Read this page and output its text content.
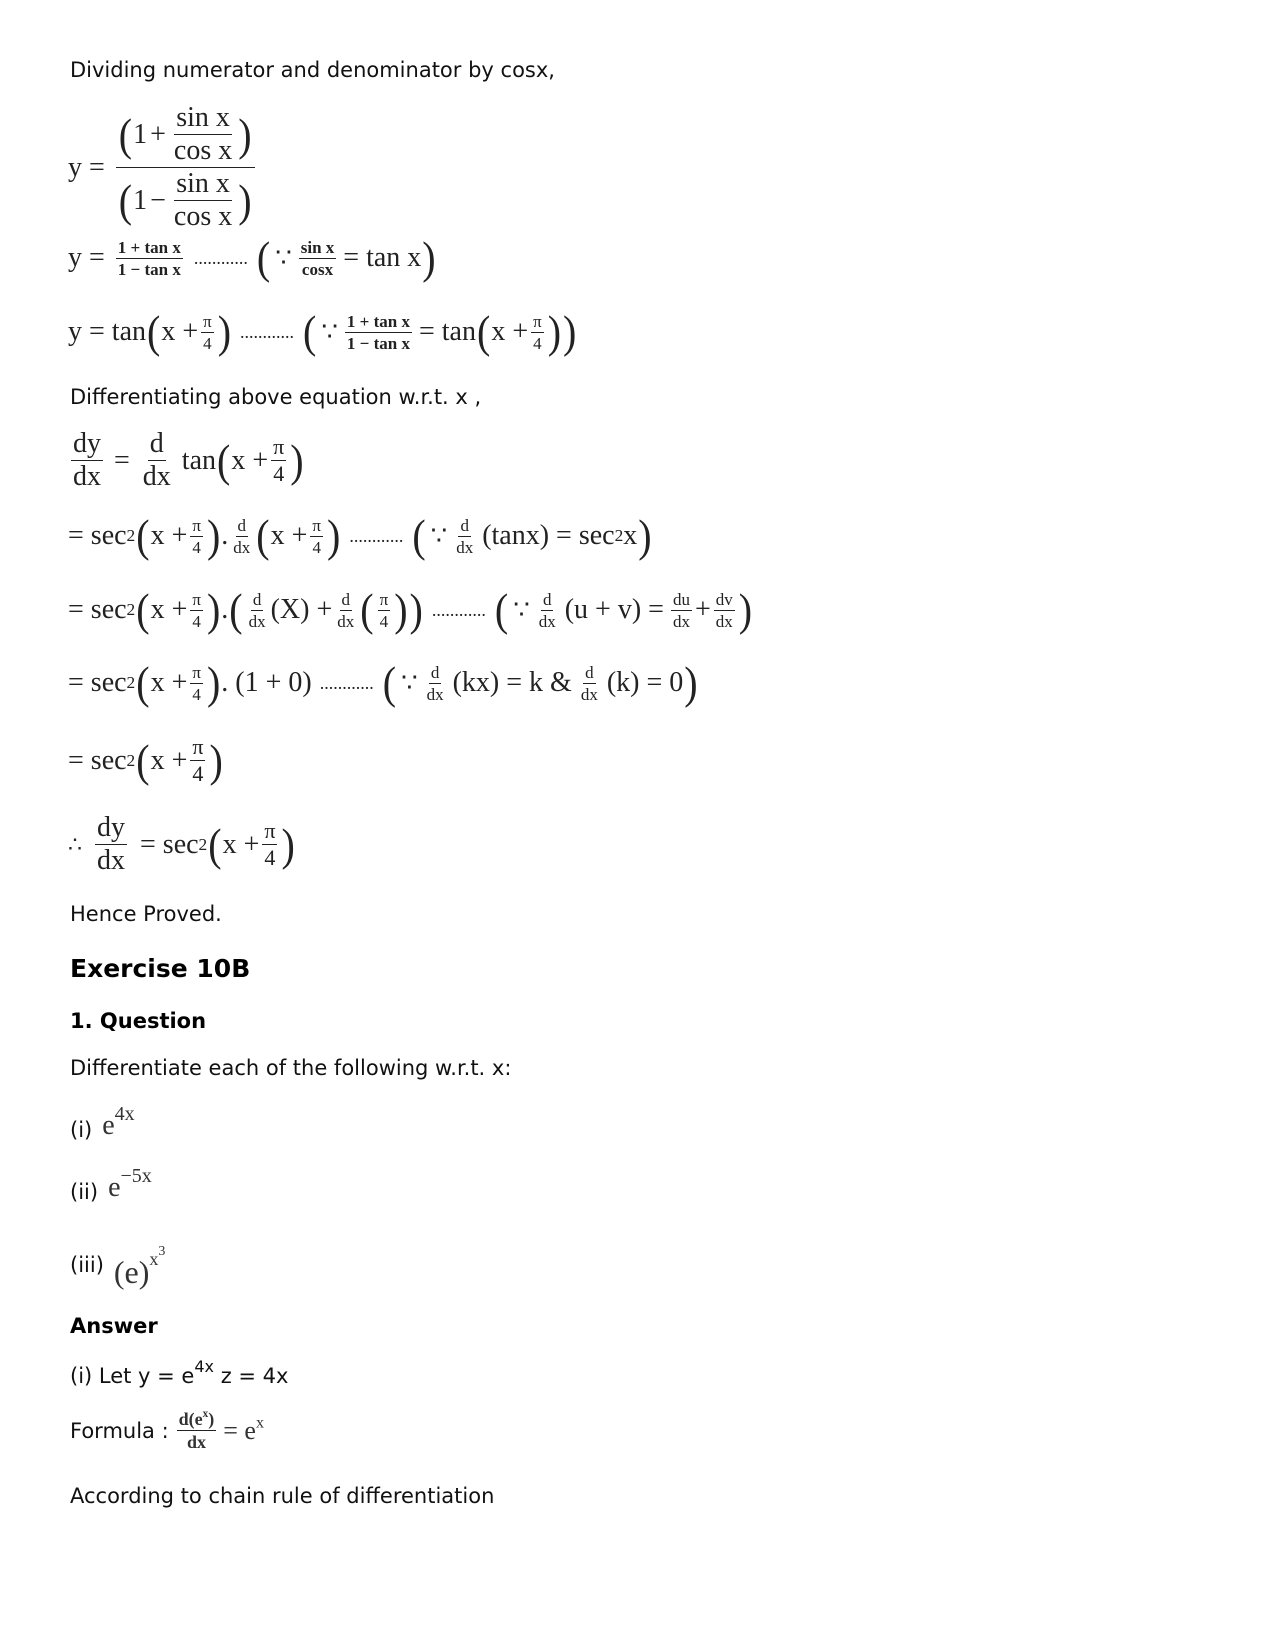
Dividing numerator and denominator by cosx,
y =
( $1 + \frac{\text{sin x}}{\text{cos x}}$ )
( $1 - \frac{\text{sin x}}{\text{cos x}}$ )
$y = \frac{\text{1 + tan x}}{\text{1 − tan x}}$ ............ ( ∵ $\frac{\text{sin x}}{\cos x} = \tan x$ )
y = tan ( $x + \frac{\pi}{4}$ ) ............ ( ∵ $\frac{\text{1 + tan x}}{\text{1 − tan x}} = \tan$ ( $x + \frac{\pi}{4}$ ) )
Differentiating above equation w.r.t. x ,
$\frac{dy}{dx} = \frac{d}{dx}$ tan ( $x + \frac{\pi}{4}$ )
= sec 2 ( $x + \frac{\pi}{4}$ ) . $\frac{d}{dx}$ ( $x + \frac{\pi}{4}$ ) ............ ( ∵ $\frac{d}{dx} (\tan x) = \sec 2$ x )
= sec 2 ( $x + \frac{\pi}{4}$ ) . ( $\frac{d}{dx} (X) + \frac{d}{dx}$ ( $\frac{\pi}{4}$ ) ) ............ ( ∵ $\frac{d}{dx} (u + v) = \frac{du}{dx} + \frac{dv}{dx}$ )
= sec 2 ( $x + \frac{\pi}{4}$ ) . (1 + 0) ............ ( ∵ $\frac{d}{dx} (kx) = k$ & $\frac{d}{dx} (k) = 0$ )
= sec 2 ( $x + \frac{\pi}{4}$ )
∴ $\frac{dy}{dx} = \sec 2$ ( $x + \frac{\pi}{4}$ )
Hence Proved.
Exercise 10B
1. Question
Differentiate each of the following w.r.t. x:
(i) $e^{4x}$
(ii) $e^{-5x}$
(iii) $(e)^{x^3}$
Answer
(i) Let $y = e^{4x}$ z = 4x
Formula : $\frac{d(e^x)}{dx} = e^x$
According to chain rule of differentiation
